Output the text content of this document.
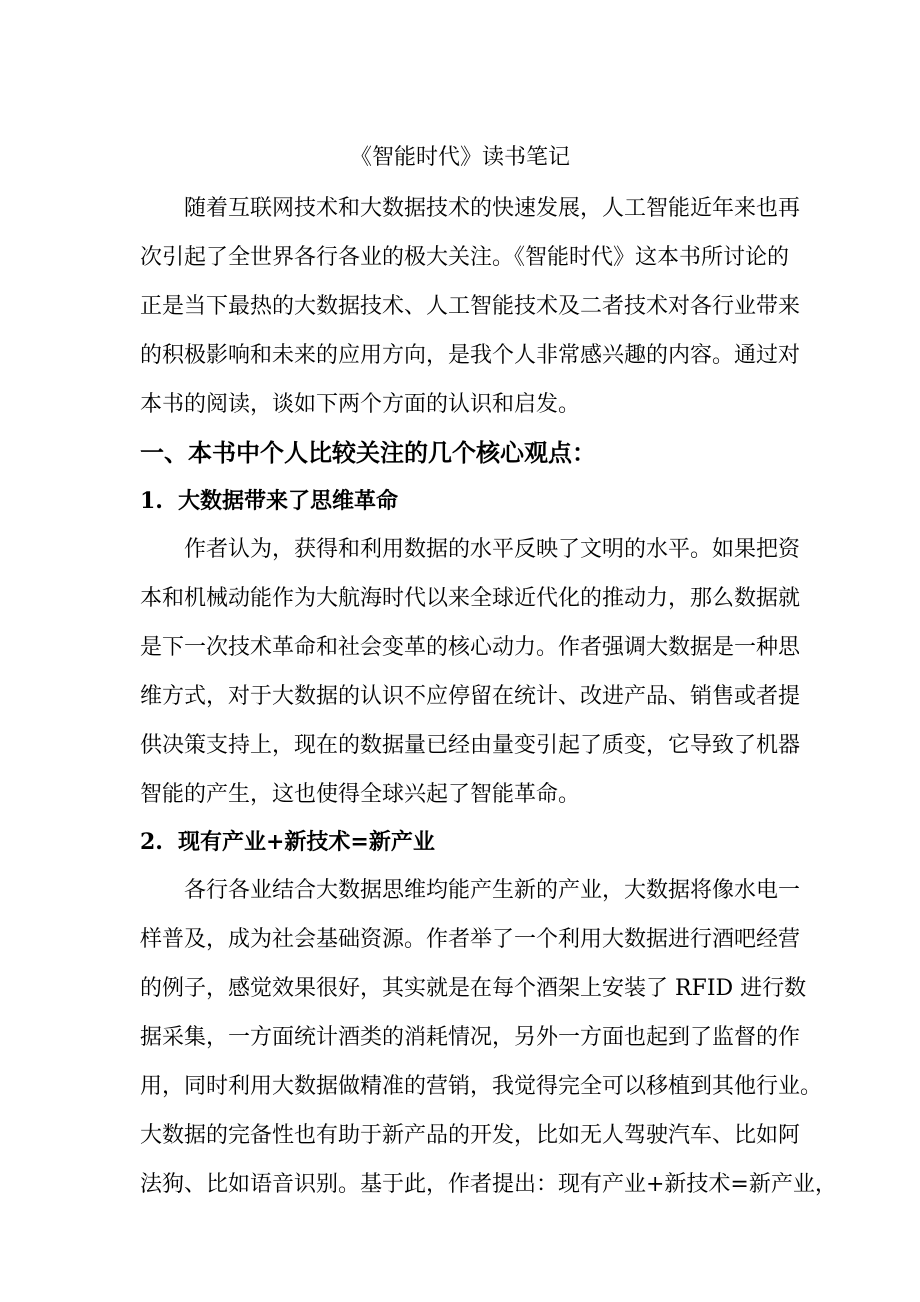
《智能时代》读书笔记
随着互联网技术和大数据技术的快速发展，人工智能近年来也再
次引起了全世界各行各业的极大关注。《智能时代》这本书所讨论的
正是当下最热的大数据技术、人工智能技术及二者技术对各行业带来
的积极影响和未来的应用方向，是我个人非常感兴趣的内容。通过对
本书的阅读，谈如下两个方面的认识和启发。
一、本书中个人比较关注的几个核心观点：
1. 大数据带来了思维革命
作者认为，获得和利用数据的水平反映了文明的水平。如果把资
本和机械动能作为大航海时代以来全球近代化的推动力，那么数据就
是下一次技术革命和社会变革的核心动力。作者强调大数据是一种思
维方式，对于大数据的认识不应停留在统计、改进产品、销售或者提
供决策支持上，现在的数据量已经由量变引起了质变，它导致了机器
智能的产生，这也使得全球兴起了智能革命。
2. 现有产业+新技术=新产业
各行各业结合大数据思维均能产生新的产业，大数据将像水电一
样普及，成为社会基础资源。作者举了一个利用大数据进行酒吧经营
的例子，感觉效果很好，其实就是在每个酒架上安装了 RFID 进行数
据采集，一方面统计酒类的消耗情况，另外一方面也起到了监督的作
用，同时利用大数据做精准的营销，我觉得完全可以移植到其他行业。
大数据的完备性也有助于新产品的开发，比如无人驾驶汽车、比如阿
法狗、比如语音识别。基于此，作者提出：现有产业+新技术=新产业，
